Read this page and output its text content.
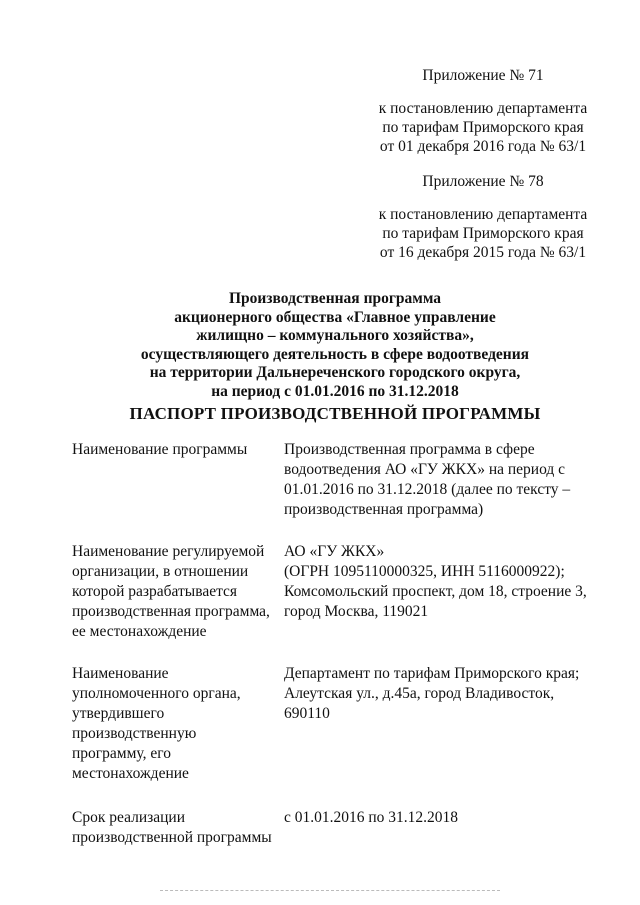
Приложение № 71
к постановлению департамента
по тарифам Приморского края
от 01 декабря 2016 года № 63/1
Приложение № 78
к постановлению департамента
по тарифам Приморского края
от 16 декабря 2015 года № 63/1
Производственная программа
акционерного общества «Главное управление
жилищно – коммунального хозяйства»,
осуществляющего деятельность в сфере водоотведения
на территории Дальнереченского городского округа,
на период с 01.01.2016 по 31.12.2018
ПАСПОРТ ПРОИЗВОДСТВЕННОЙ ПРОГРАММЫ
Наименование программы	Производственная программа в сфере
водоотведения АО «ГУ ЖКХ» на период с
01.01.2016 по 31.12.2018 (далее по тексту –
производственная программа)
Наименование регулируемой
организации, в отношении
которой разрабатывается
производственная программа,
ее местонахождение
АО «ГУ ЖКХ»
(ОГРН 1095110000325, ИНН 5116000922);
Комсомольский проспект, дом 18, строение 3,
город Москва, 119021
Наименование
уполномоченного органа,
утвердившего
производственную
программу, его
местонахождение
Департамент по тарифам Приморского края;
Алеутская ул., д.45а, город Владивосток,
690110
Срок реализации
производственной программы
с 01.01.2016 по 31.12.2018
